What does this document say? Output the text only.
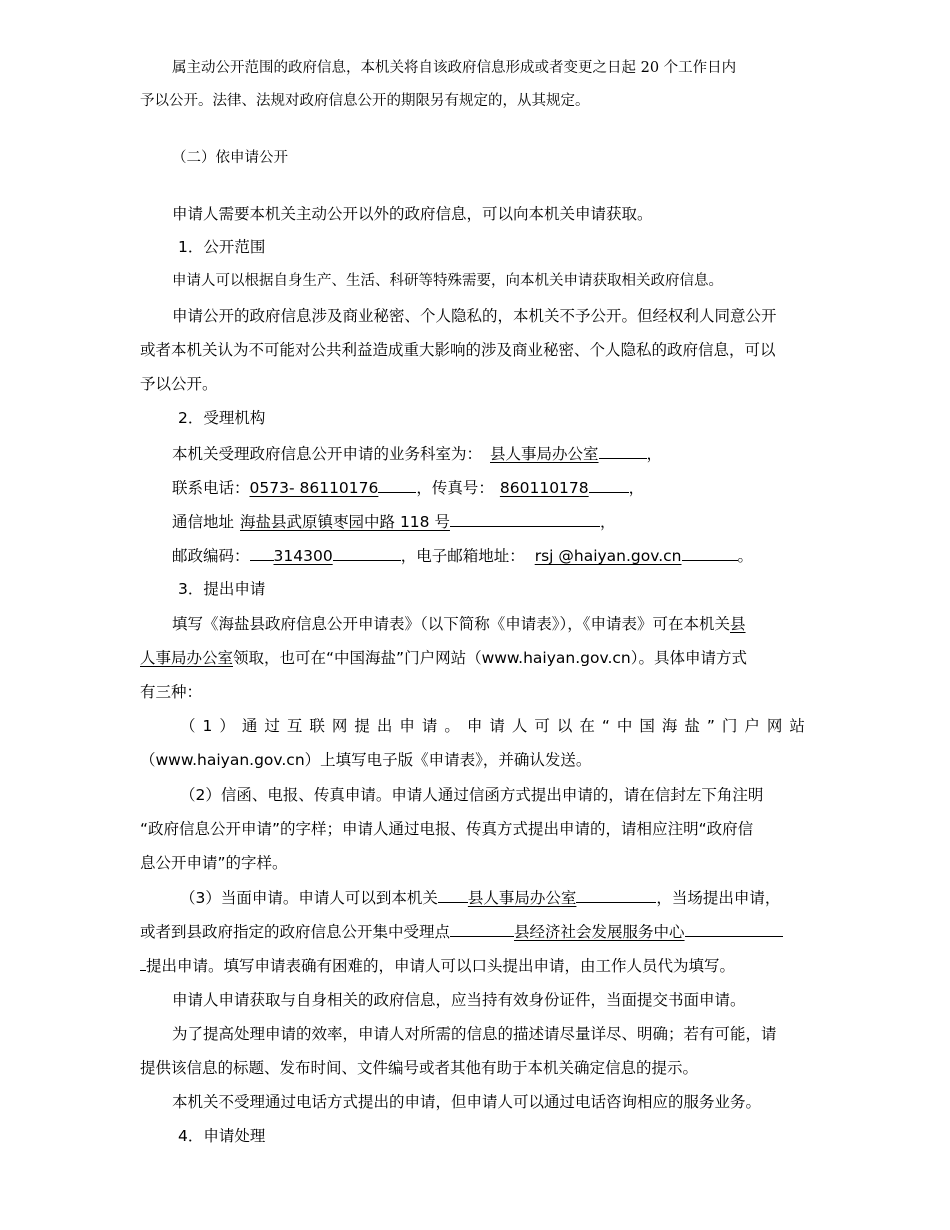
属主动公开范围的政府信息，本机关将自该政府信息形成或者变更之日起 20 个工作日内
予以公开。法律、法规对政府信息公开的期限另有规定的，从其规定。
（二）依申请公开
申请人需要本机关主动公开以外的政府信息，可以向本机关申请获取。
1．公开范围
申请人可以根据自身生产、生活、科研等特殊需要，向本机关申请获取相关政府信息。
申请公开的政府信息涉及商业秘密、个人隐私的，本机关不予公开。但经权利人同意公开
或者本机关认为不可能对公共利益造成重大影响的涉及商业秘密、个人隐私的政府信息，可以
予以公开。
2．受理机构
本机关受理政府信息公开申请的业务科室为： 县人事局办公室	，
联系电话：0573- 86110176 ，传真号： 860110178	，
通信地址 海盐县武原镇枣园中路 118 号	，
邮政编码： 314300	，电子邮箱地址： rsj @haiyan.gov.cn	。
3．提出申请
填写《海盐县政府信息公开申请表》（以下简称《申请表》），《申请表》可在本机关县
人事局办公室领取，也可在“中国海盐”门户网站（www.haiyan.gov.cn）。具体申请方式
有三种：
（1）通过互联网提出申请。申请人可以在“中国海盐”门户网站
（www.haiyan.gov.cn）上填写电子版《申请表》，并确认发送。
（2）信函、电报、传真申请。申请人通过信函方式提出申请的，请在信封左下角注明
“政府信息公开申请”的字样；申请人通过电报、传真方式提出申请的，请相应注明“政府信
息公开申请”的字样。
（3）当面申请。申请人可以到本机关 县人事局办公室	，当场提出申请，
或者到县政府指定的政府信息公开集中受理点	县经济社会发展服务中心
提出申请。填写申请表确有困难的，申请人可以口头提出申请，由工作人员代为填写。
申请人申请获取与自身相关的政府信息，应当持有效身份证件，当面提交书面申请。
为了提高处理申请的效率，申请人对所需的信息的描述请尽量详尽、明确；若有可能，请
提供该信息的标题、发布时间、文件编号或者其他有助于本机关确定信息的提示。
本机关不受理通过电话方式提出的申请，但申请人可以通过电话咨询相应的服务业务。
4．申请处理
